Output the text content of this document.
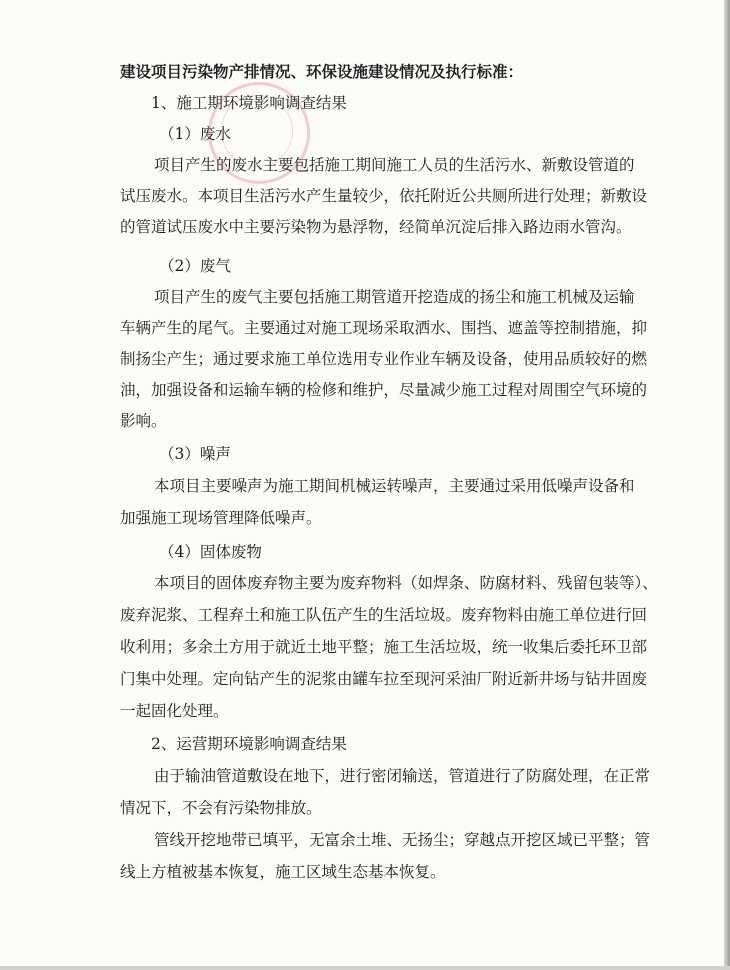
建设项目污染物产排情况、环保设施建设情况及执行标准：
1、施工期环境影响调查结果
（1）废水
项目产生的废水主要包括施工期间施工人员的生活污水、新敷设管道的
试压废水。本项目生活污水产生量较少，依托附近公共厕所进行处理；新敷设
的管道试压废水中主要污染物为悬浮物，经简单沉淀后排入路边雨水管沟。
（2）废气
项目产生的废气主要包括施工期管道开挖造成的扬尘和施工机械及运输
车辆产生的尾气。主要通过对施工现场采取洒水、围挡、遮盖等控制措施，抑
制扬尘产生；通过要求施工单位选用专业作业车辆及设备，使用品质较好的燃
油，加强设备和运输车辆的检修和维护，尽量减少施工过程对周围空气环境的
影响。
（3）噪声
本项目主要噪声为施工期间机械运转噪声，主要通过采用低噪声设备和
加强施工现场管理降低噪声。
（4）固体废物
本项目的固体废弃物主要为废弃物料（如焊条、防腐材料、残留包装等）、
废弃泥浆、工程弃土和施工队伍产生的生活垃圾。废弃物料由施工单位进行回
收利用；多余土方用于就近土地平整；施工生活垃圾，统一收集后委托环卫部
门集中处理。定向钻产生的泥浆由罐车拉至现河采油厂附近新井场与钻井固废
一起固化处理。
2、运营期环境影响调查结果
由于输油管道敷设在地下，进行密闭输送，管道进行了防腐处理，在正常
情况下，不会有污染物排放。
管线开挖地带已填平，无富余土堆、无扬尘；穿越点开挖区域已平整；管
线上方植被基本恢复，施工区域生态基本恢复。
